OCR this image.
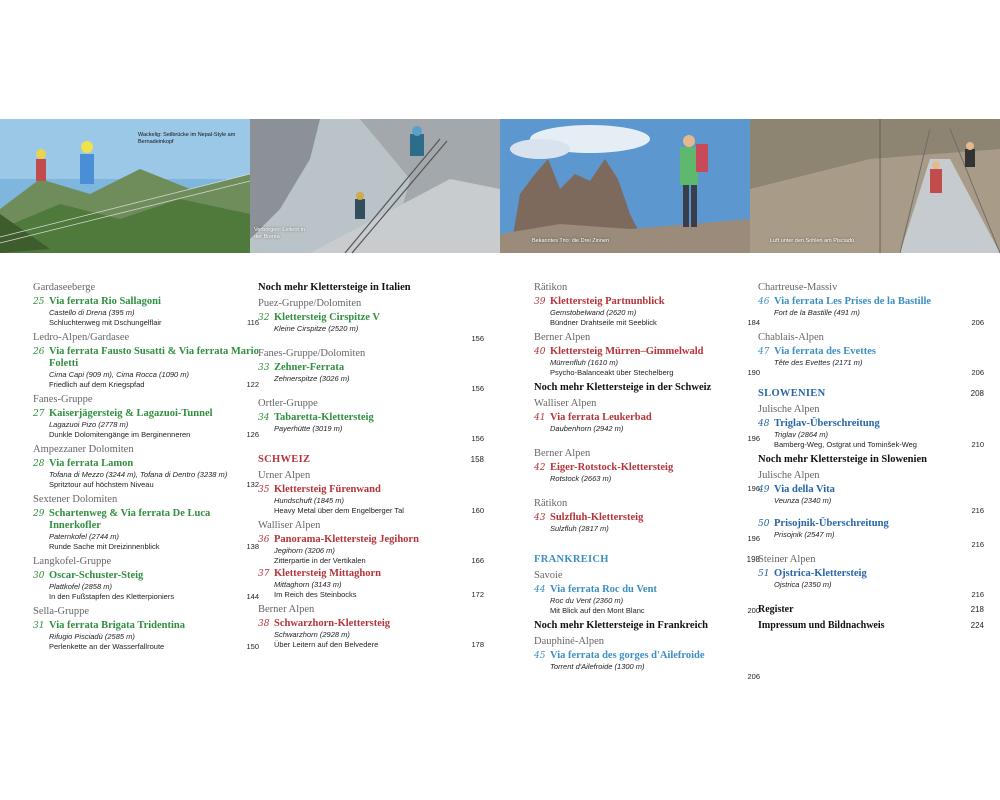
Wackelig: Seilbrücke im Nepal-Style am Bernadeinkopf
Verborgen: Leitern in der Brenta
Bekanntes Trio: die Drei Zinnen	Luft unter den Sohlen am Pisciadù
Gardaseeberge
25 Via ferrata Rio Sallagoni
Castello di Drena (395 m)
Schluchtenweg mit Dschungelflair	116
Ledro-Alpen/Gardasee
26 Via ferrata Fausto Susatti & Via ferrata Mario Foletti
Cima Capi (909 m), Cima Rocca (1090 m)
Friedlich auf dem Kriegspfad	122
Fanes-Gruppe
27 Kaiserjägersteig & Lagazuoi-Tunnel
Lagazuoi Pizo (2778 m)
Dunkle Dolomitengänge im Berginenneren	126
Ampezzaner Dolomiten
28 Via ferrata Lamon
Tofana di Mezzo (3244 m), Tofana di Dentro (3238 m)
Spritztour auf höchstem Niveau	132
Sextener Dolomiten
29 Schartenweg & Via ferrata De Luca Innerkofler
Paternkofel (2744 m)
Runde Sache mit Dreizinnenblick	138
Langkofel-Gruppe
30 Oscar-Schuster-Steig
Plattkofel (2858 m)
In den Fußstapfen des Kletterpioniers	144
Sella-Gruppe
31 Via ferrata Brigata Tridentina
Rifugio Pisciadù (2585 m)
Perlenkette an der Wasserfallroute	150
Noch mehr Klettersteige in Italien
Puez-Gruppe/Dolomiten
32 Klettersteig Cirspitze V
Kleine Cirspitze (2520 m)
156
Fanes-Gruppe/Dolomiten
33 Zehner-Ferrata
Zehnerspitze (3026 m)
156
Ortler-Gruppe
34 Tabaretta-Klettersteig
Payerhütte (3019 m)
156
SCHWEIZ	158
Urner Alpen
35 Klettersteig Fürenwand
Hundschuft (1845 m)
Heavy Metal über dem Engelberger Tal	160
Walliser Alpen
36 Panorama-Klettersteig Jegihorn
Jegihorn (3206 m)
Zitterpartie in der Vertikalen	166
37 Klettersteig Mittaghorn
Mittaghorn (3143 m)
Im Reich des Steinbocks	172
Berner Alpen
38 Schwarzhorn-Klettersteig
Schwarzhorn (2928 m)
Über Leitern auf den Belvedere	178
Rätikon
39 Klettersteig Partnunblick
Gemstobelwand (2620 m)
Bündner Drahtseile mit Seeblick	184
Berner Alpen
40 Klettersteig Mürren–Gimmelwald
Mürrenfluh (1610 m)
Psycho-Balanceakt über Stechelberg	190
Noch mehr Klettersteige in der Schweiz
Walliser Alpen
41 Via ferrata Leukerbad
Daubenhorn (2942 m)
196
Berner Alpen
42 Eiger-Rotstock-Klettersteig
Rotstock (2663 m)
196
Rätikon
43 Sulzfluh-Klettersteig
Sulzfluh (2817 m)
196
FRANKREICH	198
Savoie
44 Via ferrata Roc du Vent
Roc du Vent (2360 m)
Mit Blick auf den Mont Blanc	200
Noch mehr Klettersteige in Frankreich
Dauphiné-Alpen
45 Via ferrata des gorges d'Ailefroide
Torrent d'Ailefroide (1300 m)
206
Chartreuse-Massiv
46 Via ferrata Les Prises de la Bastille
Fort de la Bastille (491 m)
206
Chablais-Alpen
47 Via ferrata des Evettes
Tête des Evettes (2171 m)
206
SLOWENIEN	208
Julische Alpen
48 Triglav-Überschreitung
Triglav (2864 m)
Bamberg-Weg, Ostgrat und Tominšek-Weg	210
Noch mehr Klettersteige in Slowenien
Julische Alpen
49 Via della Vita
Veunza (2340 m)
216
50 Prisojnik-Überschreitung
Prisojnik (2547 m)
216
Steiner Alpen
51 Ojstrica-Klettersteig
Ojstrica (2350 m)
216
Register	218
Impressum und Bildnachweis	224
